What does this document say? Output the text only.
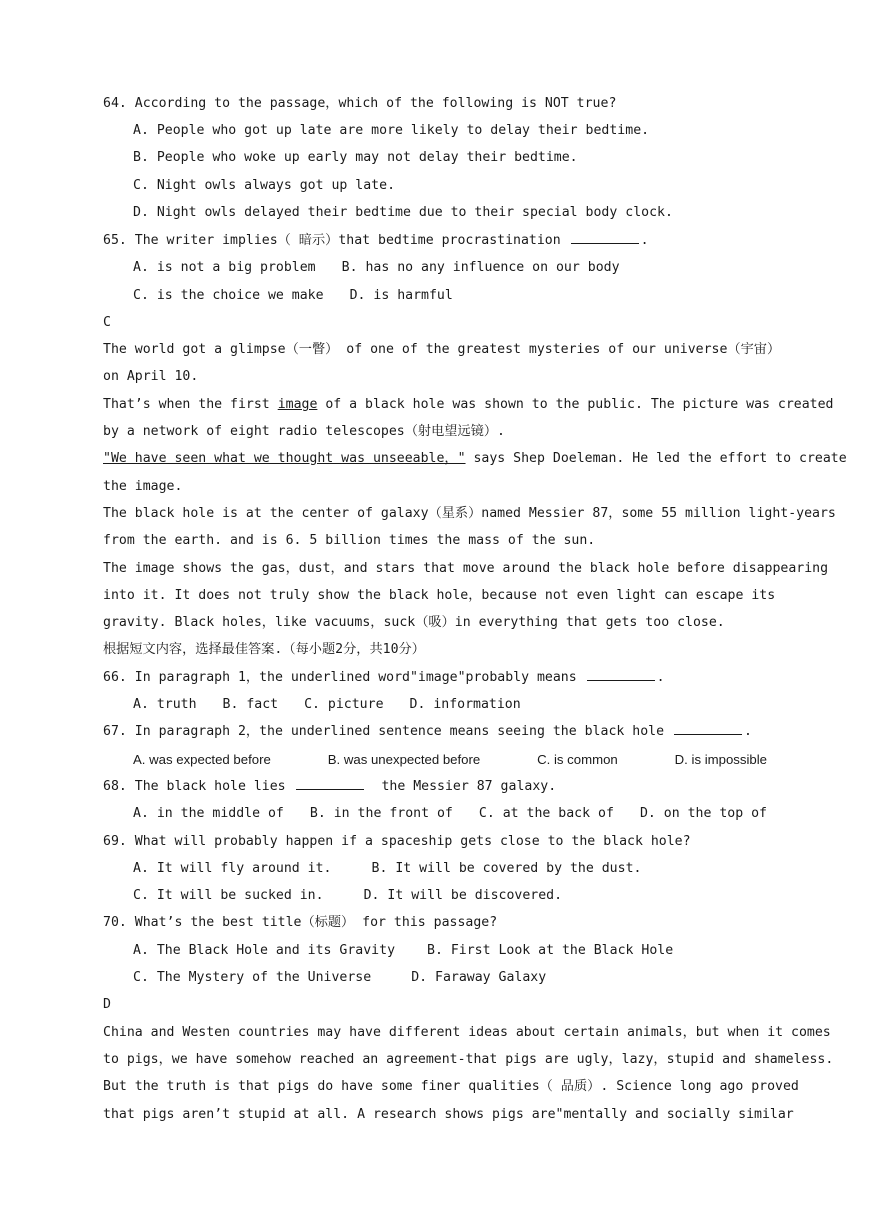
64. According to the passage，which of the following is NOT true?
A. People who got up late are more likely to delay their bedtime.
B. People who woke up early may not delay their bedtime.
C. Night owls always got up late.
D. Night owls delayed their bedtime due to their special body clock.
65. The writer implies（ 暗示）that bedtime procrastination	.
A. is not a big problem B. has no any influence on our body
C. is the choice we make D. is harmful
C
The world got a glimpse（一瞥） of one of the greatest mysteries of our universe（宇宙）
on April 10.
That’s when the first image of a black hole was shown to the public. The picture was created
by a network of eight radio telescopes（射电望远镜）.
"We have seen what we thought was unseeable，" says Shep Doeleman. He led the effort to create
the image.
The black hole is at the center of galaxy（星系）named Messier 87，some 55 million light-years
from the earth. and is 6. 5 billion times the mass of the sun.
The image shows the gas，dust，and stars that move around the black hole before disappearing
into it. It does not truly show the black hole，because not even light can escape its
gravity. Black holes，like vacuums，suck（吸）in everything that gets too close.
根据短文内容，选择最佳答案.（每小题2分，共10分）
66. In paragraph 1，the underlined word"image"probably means	.
A. truth B. fact C. picture D. information
67. In paragraph 2，the underlined sentence means seeing the black hole	.
A. was expected before	B. was unexpected before	C. is common	D. is impossible
68. The black hole lies	the Messier 87 galaxy.
A. in the middle of B. in the front of C. at the back of D. on the top of
69. What will probably happen if a spaceship gets close to the black hole?
A. It will fly around it.	B. It will be covered by the dust.
C. It will be sucked in.	D. It will be discovered.
70. What’s the best title（标题） for this passage?
A. The Black Hole and its Gravity B. First Look at the Black Hole
C. The Mystery of the Universe	D. Faraway Galaxy
D
China and Westen countries may have different ideas about certain animals，but when it comes
to pigs，we have somehow reached an agreement-that pigs are ugly，lazy，stupid and shameless.
But the truth is that pigs do have some finer qualities（ 品质）. Science long ago proved
that pigs aren’t stupid at all. A research shows pigs are"mentally and socially similar
